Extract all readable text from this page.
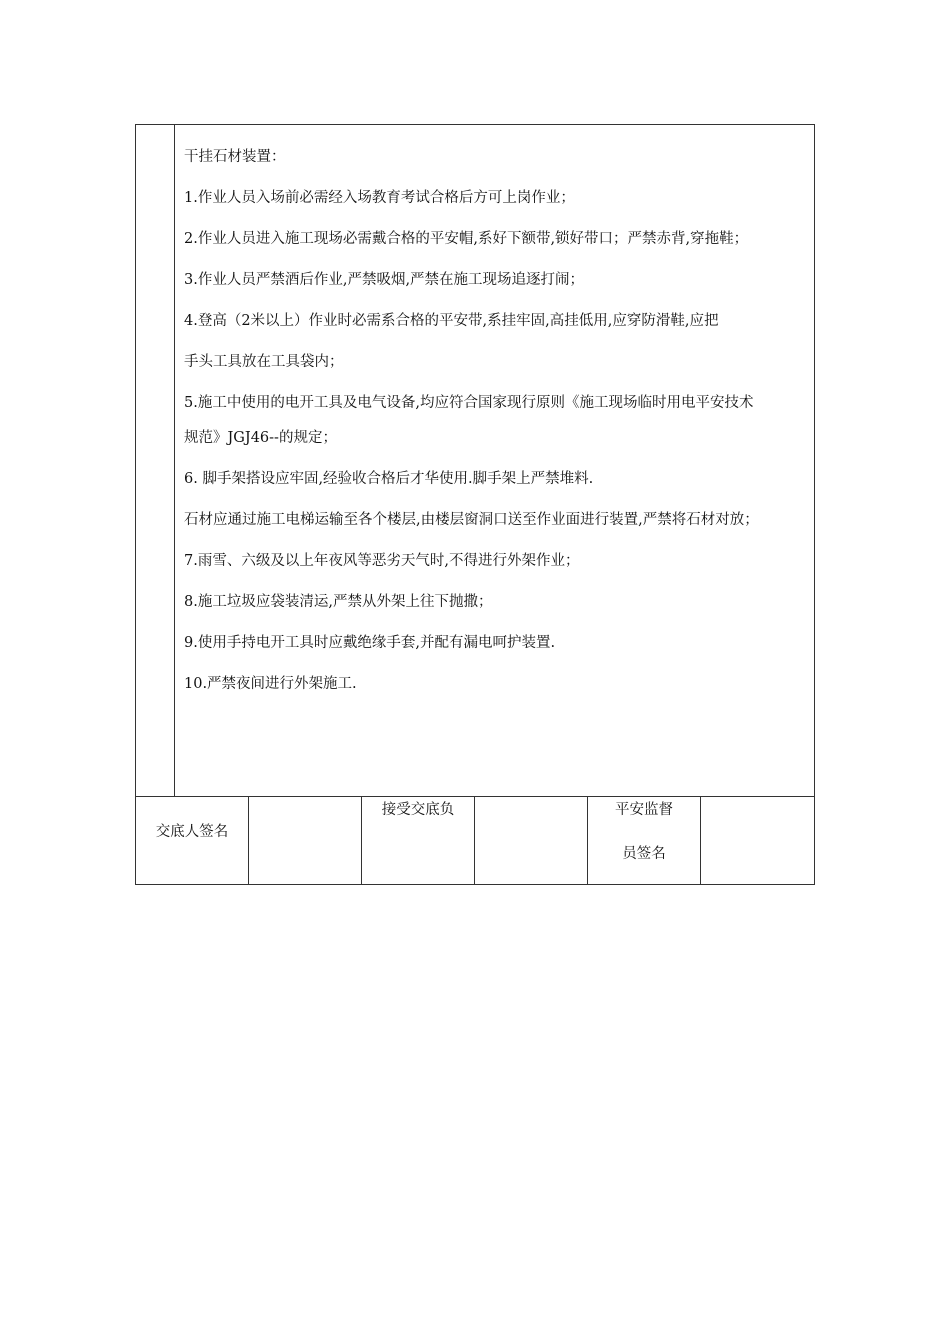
干挂石材装置：

1.作业人员入场前必需经入场教育考试合格后方可上岗作业；

2.作业人员进入施工现场必需戴合格的平安帽,系好下额带,锁好带口；严禁赤背,穿拖鞋；

3.作业人员严禁酒后作业,严禁吸烟,严禁在施工现场追逐打闹；

4.登高（2米以上）作业时必需系合格的平安带,系挂牢固,高挂低用,应穿防滑鞋,应把

手头工具放在工具袋内；

5.施工中使用的电开工具及电气设备,均应符合国家现行原则《施工现场临时用电平安技术

规范》JGJ46--的规定；

6. 脚手架搭设应牢固,经验收合格后才华使用.脚手架上严禁堆料.

石材应通过施工电梯运输至各个楼层,由楼层窗洞口送至作业面进行装置,严禁将石材对放；

7.雨雪、六级及以上年夜风等恶劣天气时,不得进行外架作业；

8.施工垃圾应袋装清运,严禁从外架上往下抛撒；

9.使用手持电开工具时应戴绝缘手套,并配有漏电呵护装置.

10.严禁夜间进行外架施工.

交底人签名
接受交底负	平安监督
员签名
